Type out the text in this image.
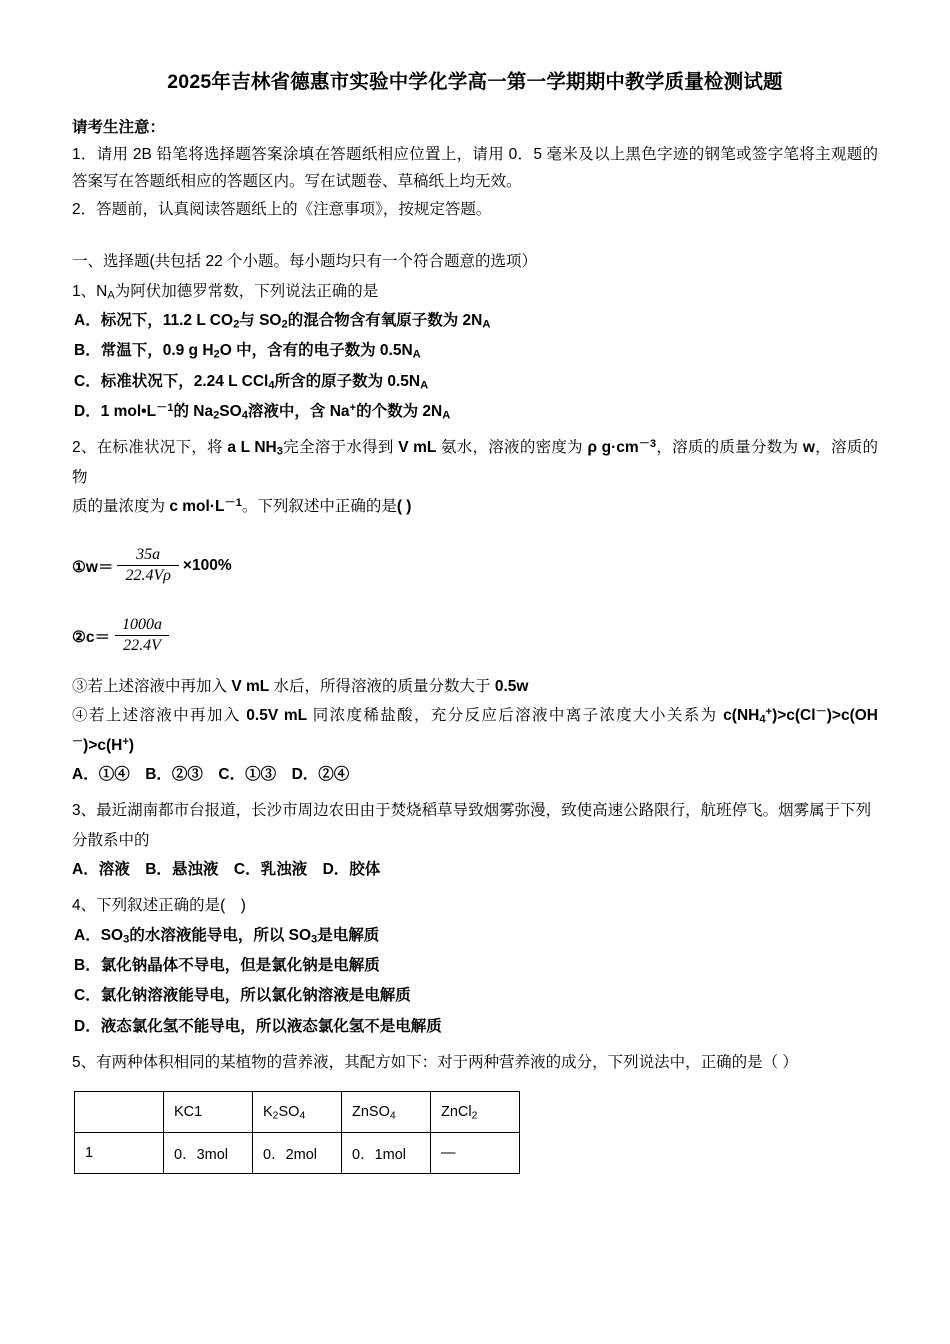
2025年吉林省德惠市实验中学化学高一第一学期期中教学质量检测试题
请考生注意：
1．请用 2B 铅笔将选择题答案涂填在答题纸相应位置上，请用 0．5 毫米及以上黑色字迹的钢笔或签字笔将主观题的答案写在答题纸相应的答题区内。写在试题卷、草稿纸上均无效。
2．答题前，认真阅读答题纸上的《注意事项》，按规定答题。
一、选择题(共包括 22 个小题。每小题均只有一个符合题意的选项）
1、$N_A$为阿伏加德罗常数，下列说法正确的是
A．标况下，11.2 L $CO_2$与 $SO_2$的混合物含有氧原子数为 $2N_A$
B．常温下，0.9 g $H_2O$ 中，含有的电子数为 $0.5N_A$
C．标准状况下，2.24 L CCl$_4$所含的原子数为 $0.5N_A$
D．1 $mol•L^{-1}$的 $Na_2SO_4$溶液中，含 Na+的个数为 $2N_A$
2、在标准状况下，将 a L $NH_3$完全溶于水得到 V mL 氨水，溶液的密度为 ρ $g\cdot cm^{-3}$，溶质的质量分数为 w，溶质的物
质的量浓度为 c $mol\cdot L^{-1}$。下列叙述中正确的是( )
①w＝ $\frac{35a}{22.4V\rho} \times 100\%$
②c＝ $\frac{1000a}{22.4V}$
③若上述溶液中再加入 V mL 水后，所得溶液的质量分数大于 0.5w
④若上述溶液中再加入 0.5V mL 同浓度稀盐酸，充分反应后溶液中离子浓度大小关系为 $c(NH_4^+)>c(Cl^-)>c(OH^-)>c(H^+)$
A．①④　B．②③　C．①③　D．②④
3、最近湖南都市台报道，长沙市周边农田由于焚烧稻草导致烟雾弥漫，致使高速公路限行，航班停飞。烟雾属于下列
分散系中的
A．溶液　B．悬浊液　C．乳浊液　D．胶体
4、下列叙述正确的是(　)
A．$SO_3$的水溶液能导电，所以 $SO_3$是电解质
B．氯化钠晶体不导电，但是氯化钠是电解质
C．氯化钠溶液能导电，所以氯化钠溶液是电解质
D．液态氯化氢不能导电，所以液态氯化氢不是电解质
5、有两种体积相同的某植物的营养液，其配方如下：对于两种营养液的成分，下列说法中，正确的是（ ）
	KC1	$K_2SO_4$	ZnSO$_4$	ZnCl$_2$
1	0．3mol	0．2mol	0．1mol	—
